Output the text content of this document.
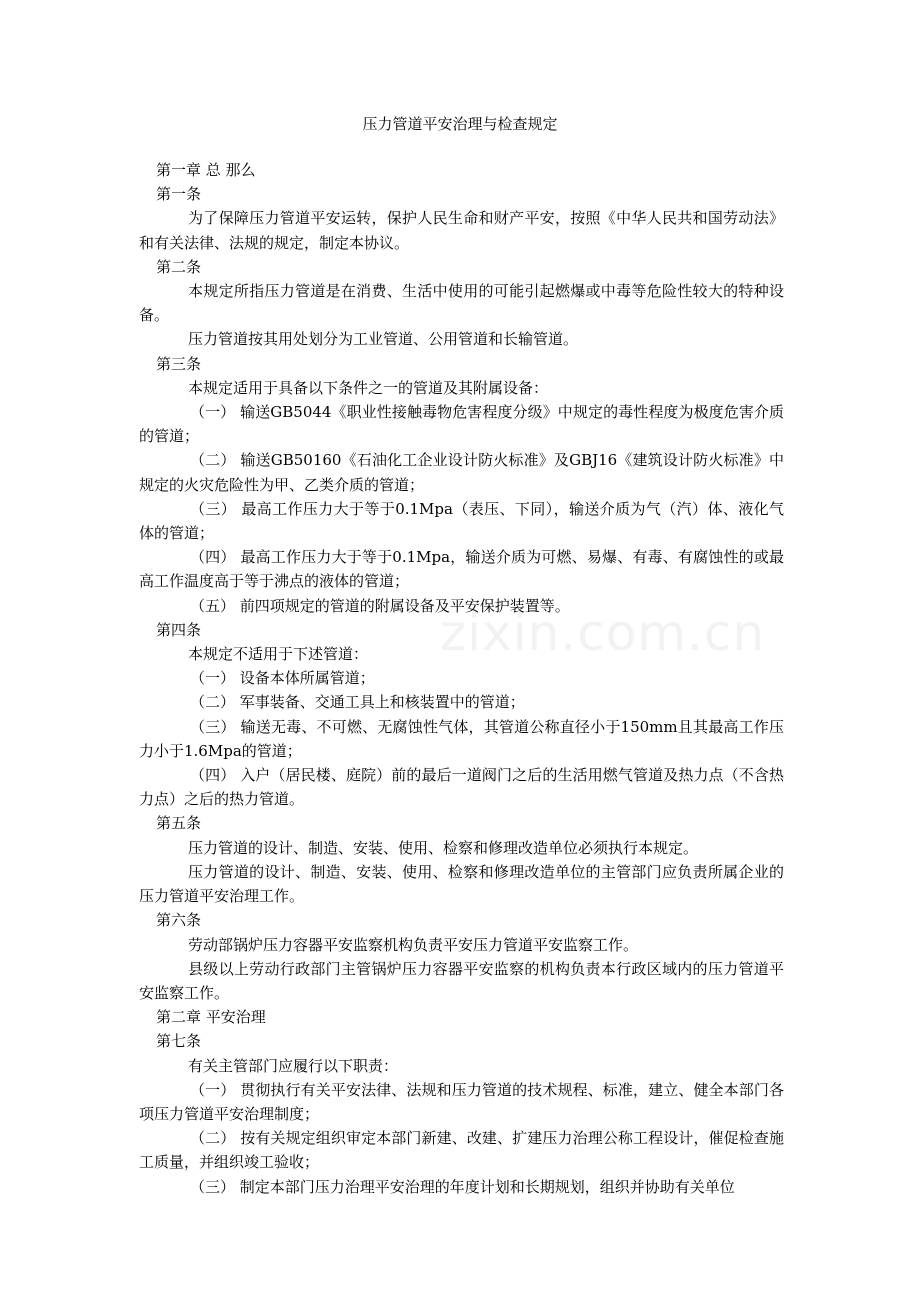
zixin.com.cn
压力管道平安治理与检查规定

第一章 总 那么

第一条

为了保障压力管道平安运转，保护人民生命和财产平安，按照《中华人民共和国劳动法》和有关法律、法规的规定，制定本协议。

第二条

本规定所指压力管道是在消费、生活中使用的可能引起燃爆或中毒等危险性较大的特种设备。

压力管道按其用处划分为工业管道、公用管道和长输管道。

第三条

本规定适用于具备以下条件之一的管道及其附属设备：

（一） 输送GB5044《职业性接触毒物危害程度分级》中规定的毒性程度为极度危害介质的管道；

（二） 输送GB50160《石油化工企业设计防火标准》及GBJ16《建筑设计防火标准》中规定的火灾危险性为甲、乙类介质的管道；

（三） 最高工作压力大于等于0.1Mpa（表压、下同），输送介质为气（汽）体、液化气体的管道；

（四） 最高工作压力大于等于0.1Mpa，输送介质为可燃、易爆、有毒、有腐蚀性的或最高工作温度高于等于沸点的液体的管道；

（五） 前四项规定的管道的附属设备及平安保护装置等。

第四条

本规定不适用于下述管道：

（一） 设备本体所属管道；

（二） 军事装备、交通工具上和核装置中的管道；

（三） 输送无毒、不可燃、无腐蚀性气体，其管道公称直径小于150mm且其最高工作压力小于1.6Mpa的管道；

（四） 入户（居民楼、庭院）前的最后一道阀门之后的生活用燃气管道及热力点（不含热力点）之后的热力管道。

第五条

压力管道的设计、制造、安装、使用、检察和修理改造单位必须执行本规定。

压力管道的设计、制造、安装、使用、检察和修理改造单位的主管部门应负责所属企业的压力管道平安治理工作。

第六条

劳动部锅炉压力容器平安监察机构负责平安压力管道平安监察工作。

县级以上劳动行政部门主管锅炉压力容器平安监察的机构负责本行政区域内的压力管道平安监察工作。

第二章 平安治理

第七条

有关主管部门应履行以下职责：

（一） 贯彻执行有关平安法律、法规和压力管道的技术规程、标准，建立、健全本部门各项压力管道平安治理制度；

（二） 按有关规定组织审定本部门新建、改建、扩建压力治理公称工程设计，催促检查施工质量，并组织竣工验收；

（三） 制定本部门压力治理平安治理的年度计划和长期规划，组织并协助有关单位
